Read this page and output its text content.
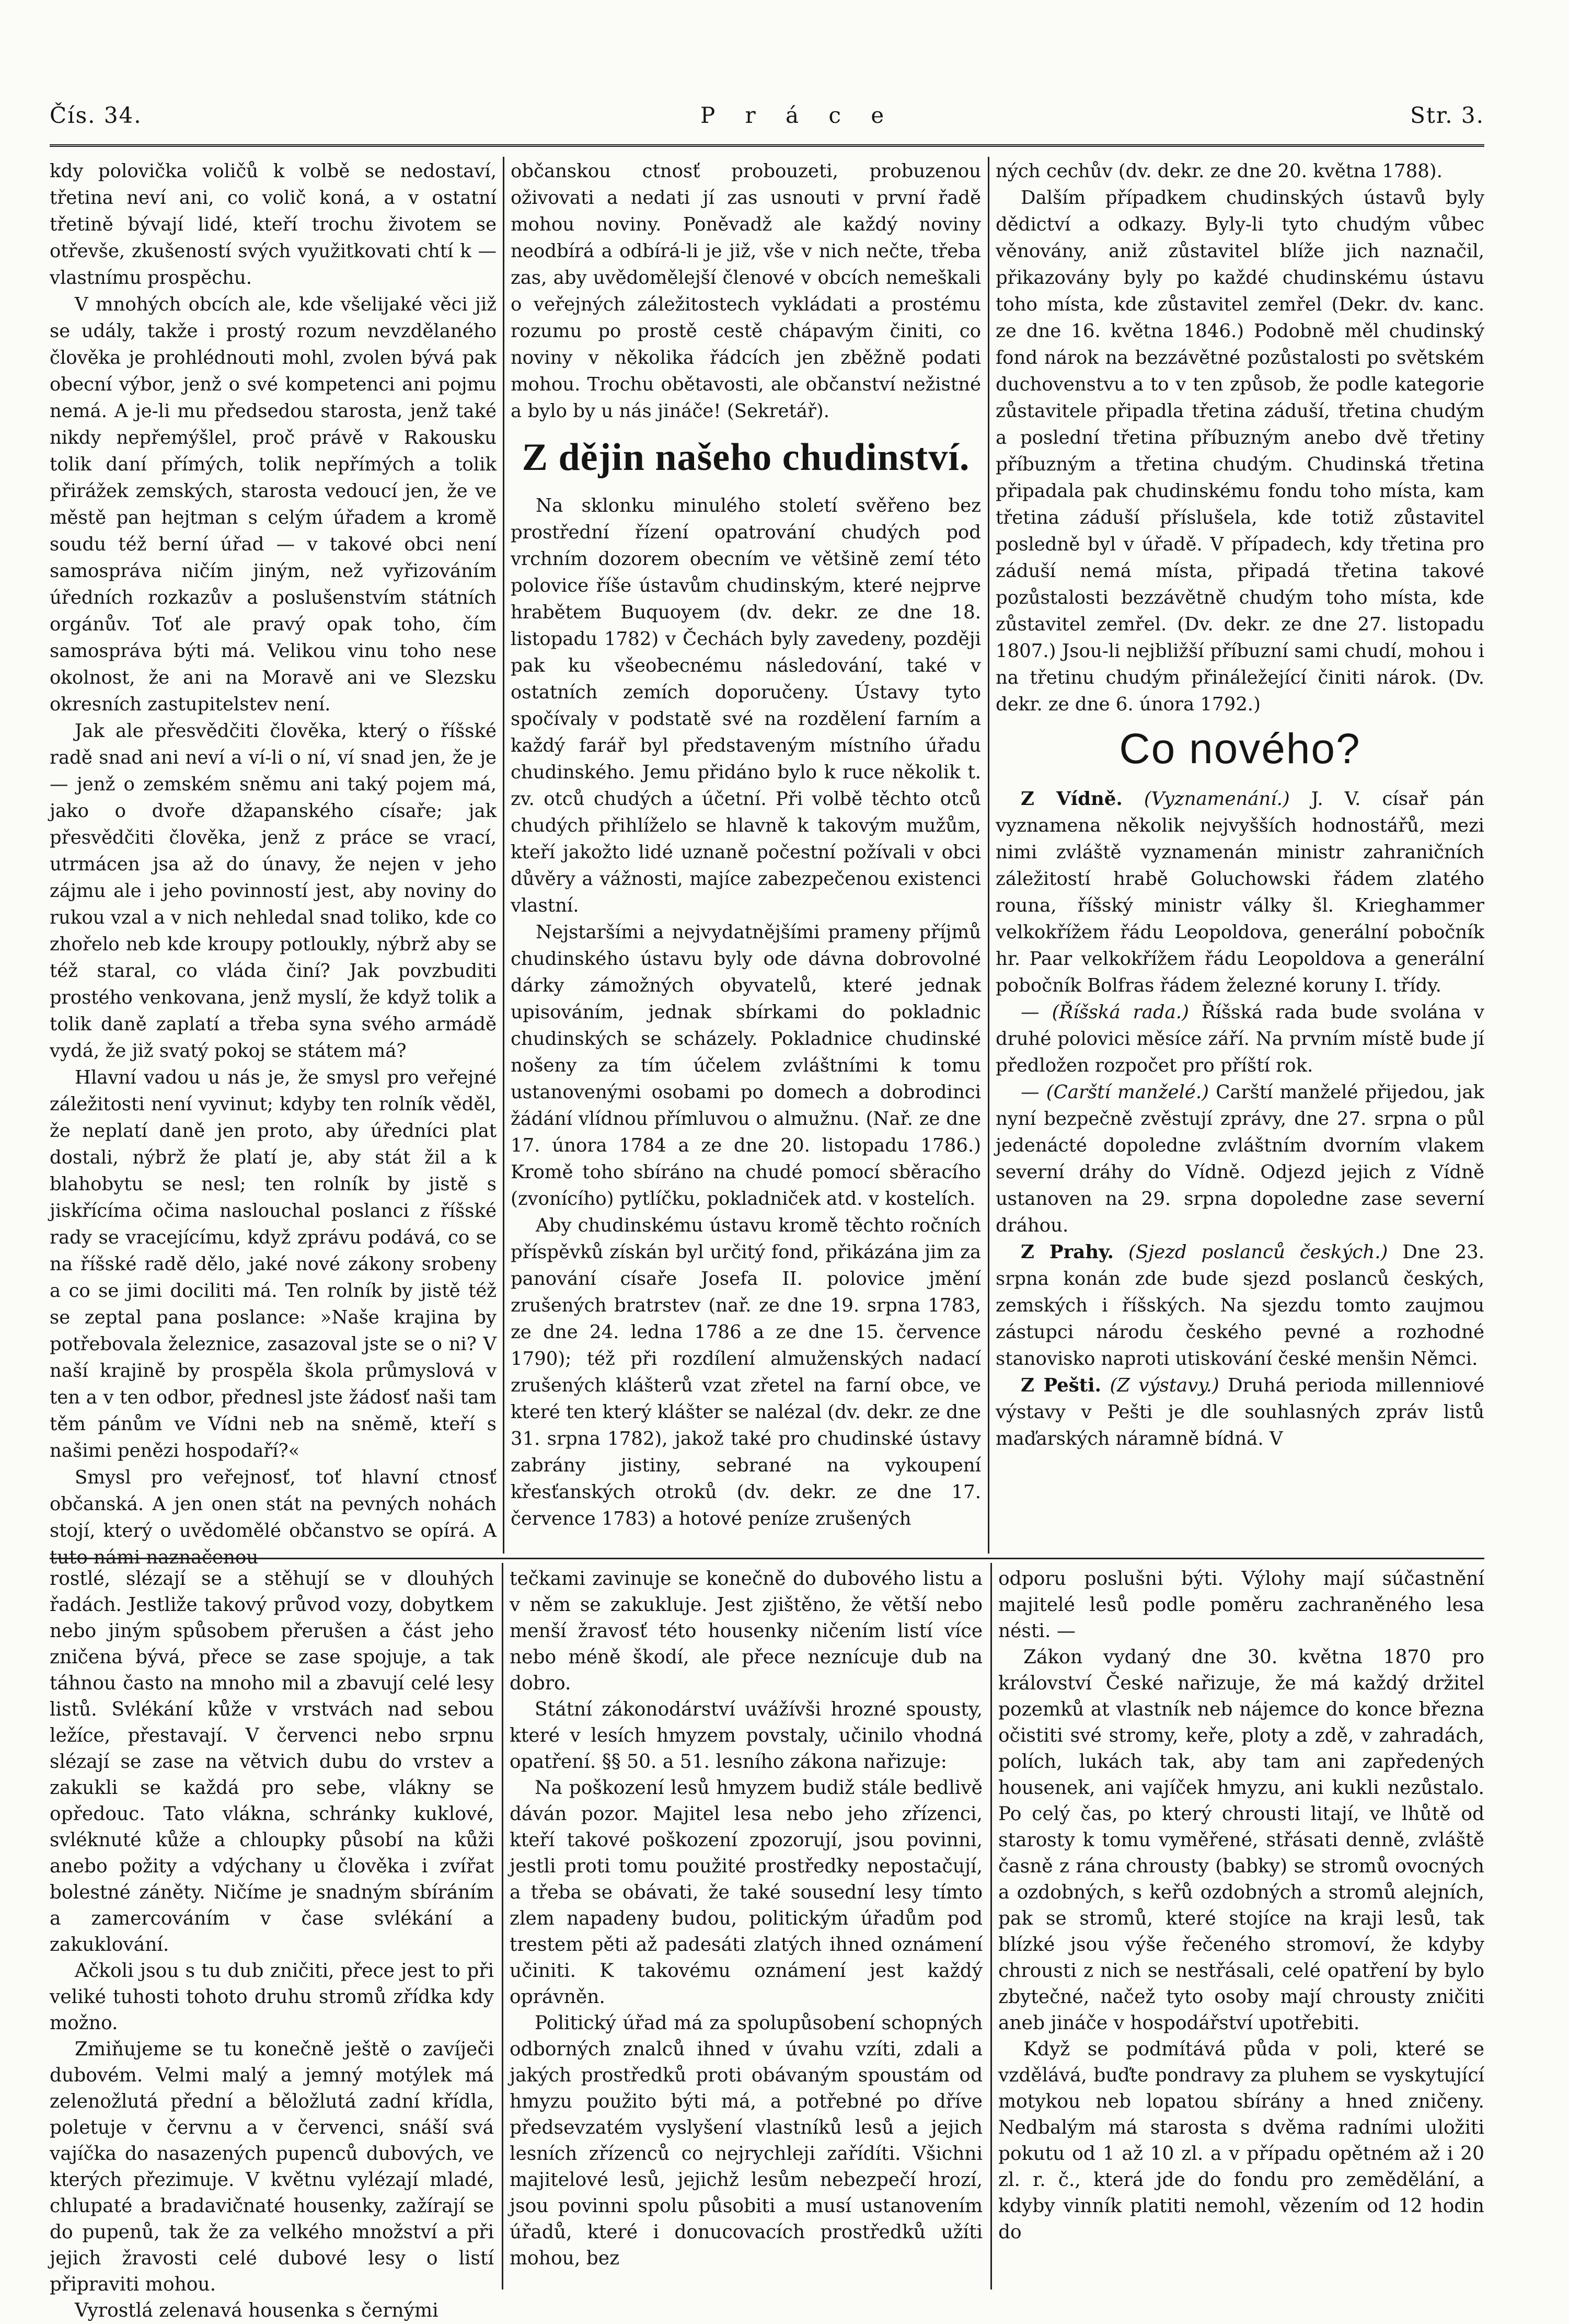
Čís. 34.	P r á c e	Str. 3.

kdy polovička voličů k volbě se nedostaví, třetina neví ani, co volič koná, a v ostatní třetině bývají lidé, kteří trochu životem se otřevše, zkušeností svých využitkovati chtí k — vlastnímu prospěchu.

V mnohých obcích ale, kde všelijaké věci již se udály, takže i prostý rozum nevzdělaného člověka je prohlédnouti mohl, zvolen bývá pak obecní výbor, jenž o své kompetenci ani pojmu nemá. A je-li mu předsedou starosta, jenž také nikdy nepřemýšlel, proč právě v Rakousku tolik daní přímých, tolik nepřímých a tolik přirážek zemských, starosta vedoucí jen, že ve městě pan hejtman s celým úřadem a kromě soudu též berní úřad — v takové obci není samospráva ničím jiným, než vyřizováním úředních rozkazův a poslušenstvím státních orgánův. Toť ale pravý opak toho, čím samospráva býti má. Velikou vinu toho nese okolnost, že ani na Moravě ani ve Slezsku okresních zastupitelstev není.

Jak ale přesvědčiti člověka, který o říšské radě snad ani neví a ví-li o ní, ví snad jen, že je — jenž o zemském sněmu ani taký pojem má, jako o dvoře džapanského císaře; jak přesvědčiti člověka, jenž z práce se vrací, utrmácen jsa až do únavy, že nejen v jeho zájmu ale i jeho povinností jest, aby noviny do rukou vzal a v nich nehledal snad toliko, kde co zhořelo neb kde kroupy potloukly, nýbrž aby se též staral, co vláda činí? Jak povzbuditi prostého venkovana, jenž myslí, že když tolik a tolik daně zaplatí a třeba syna svého armádě vydá, že již svatý pokoj se státem má?

Hlavní vadou u nás je, že smysl pro veřejné záležitosti není vyvinut; kdyby ten rolník věděl, že neplatí daně jen proto, aby úředníci plat dostali, nýbrž že platí je, aby stát žil a k blahobytu se nesl; ten rolník by jistě s jiskřícíma očima naslouchal poslanci z říšské rady se vracejícímu, když zprávu podává, co se na říšské radě dělo, jaké nové zákony srobeny a co se jimi dociliti má. Ten rolník by jistě též se zeptal pana poslance: »Naše krajina by potřebovala železnice, zasazoval jste se o ni? V naší krajině by prospěla škola průmyslová v ten a v ten odbor, přednesl jste žádosť naši tam těm pánům ve Vídni neb na sněmě, kteří s našimi penězi hospodaří?«

Smysl pro veřejnosť, toť hlavní ctnosť občanská. A jen onen stát na pevných nohách stojí, který o uvědomělé občanstvo se opírá. A tuto námi naznačenou

občanskou ctnosť probouzeti, probuzenou oživovati a nedati jí zas usnouti v první řadě mohou noviny. Poněvadž ale každý noviny neodbírá a odbírá-li je již, vše v nich nečte, třeba zas, aby uvědomělejší členové v obcích nemeškali o veřejných záležitostech vykládati a prostému rozumu po prostě cestě chápavým činiti, co noviny v několika řádcích jen zběžně podati mohou. Trochu obětavosti, ale občanství nežistné a bylo by u nás jináče! (Sekretář).

Z dějin našeho chudinství.

Na sklonku minulého století svěřeno bez prostřední řízení opatrování chudých pod vrchním dozorem obecním ve většině zemí této polovice říše ústavům chudinským, které nejprve hrabětem Buquoyem (dv. dekr. ze dne 18. listopadu 1782) v Čechách byly zavedeny, později pak ku všeobecnému následování, také v ostatních zemích doporučeny. Ústavy tyto spočívaly v podstatě své na rozdělení farním a každý farář byl představeným místního úřadu chudinského. Jemu přidáno bylo k ruce několik t. zv. otců chudých a účetní. Při volbě těchto otců chudých přihlíželo se hlavně k takovým mužům, kteří jakožto lidé uznaně počestní požívali v obci důvěry a vážnosti, majíce zabezpečenou existenci vlastní.

Nejstaršími a nejvydatnějšími prameny příjmů chudinského ústavu byly ode dávna dobrovolné dárky zámožných obyvatelů, které jednak upisováním, jednak sbírkami do pokladnic chudinských se scházely. Pokladnice chudinské nošeny za tím účelem zvláštními k tomu ustanovenými osobami po domech a dobrodinci žádání vlídnou přímluvou o almužnu. (Nař. ze dne 17. února 1784 a ze dne 20. listopadu 1786.) Kromě toho sbíráno na chudé pomocí sběracího (zvonícího) pytlíčku, pokladniček atd. v kostelích.

Aby chudinskému ústavu kromě těchto ročních příspěvků získán byl určitý fond, přikázána jim za panování císaře Josefa II. polovice jmění zrušených bratrstev (nař. ze dne 19. srpna 1783, ze dne 24. ledna 1786 a ze dne 15. července 1790); též při rozdílení almuženských nadací zrušených klášterů vzat zřetel na farní obce, ve které ten který klášter se nalézal (dv. dekr. ze dne 31. srpna 1782), jakož také pro chudinské ústavy zabrány jistiny, sebrané na vykoupení křesťanských otroků (dv. dekr. ze dne 17. července 1783) a hotové peníze zrušených

ných cechův (dv. dekr. ze dne 20. května 1788).

Dalším případkem chudinských ústavů byly dědictví a odkazy. Byly-li tyto chudým vůbec věnovány, aniž zůstavitel blíže jich naznačil, přikazovány byly po každé chudinskému ústavu toho místa, kde zůstavitel zemřel (Dekr. dv. kanc. ze dne 16. května 1846.) Podobně měl chudinský fond nárok na bezzávětné pozůstalosti po světském duchovenstvu a to v ten způsob, že podle kategorie zůstavitele připadla třetina záduší, třetina chudým a poslední třetina příbuzným anebo dvě třetiny příbuzným a třetina chudým. Chudinská třetina připadala pak chudinskému fondu toho místa, kam třetina záduší příslušela, kde totiž zůstavitel posledně byl v úřadě. V případech, kdy třetina pro záduší nemá místa, připadá třetina takové pozůstalosti bezzávětně chudým toho místa, kde zůstavitel zemřel. (Dv. dekr. ze dne 27. listopadu 1807.) Jsou-li nejbližší příbuzní sami chudí, mohou i na třetinu chudým přináležející činiti nárok. (Dv. dekr. ze dne 6. února 1792.)

Co nového?

Z Vídně. (Vyznamenání.) J. V. císař pán vyznamena několik nejvyšších hodnostářů, mezi nimi zvláště vyznamenán ministr zahraničních záležitostí hrabě Goluchowski řádem zlatého rouna, říšský ministr války šl. Krieghammer velkokřížem řádu Leopoldova, generální pobočník hr. Paar velkokřížem řádu Leopoldova a generální pobočník Bolfras řádem železné koruny I. třídy.

— (Říšská rada.) Říšská rada bude svolána v druhé polovici měsíce září. Na prvním místě bude jí předložen rozpočet pro příští rok.

— (Carští manželé.) Carští manželé přijedou, jak nyní bezpečně zvěstují zprávy, dne 27. srpna o půl jedenácté dopoledne zvláštním dvorním vlakem severní dráhy do Vídně. Odjezd jejich z Vídně ustanoven na 29. srpna dopoledne zase severní dráhou.

Z Prahy. (Sjezd poslanců českých.) Dne 23. srpna konán zde bude sjezd poslanců českých, zemských i říšských. Na sjezdu tomto zaujmou zástupci národu českého pevné a rozhodné stanovisko naproti utiskování české menšin Němci.

Z Pešti. (Z výstavy.) Druhá perioda millenniové výstavy v Pešti je dle souhlasných zpráv listů maďarských náramně bídná. V

rostlé, slézají se a stěhují se v dlouhých řadách. Jestliže takový průvod vozy, dobytkem nebo jiným spůsobem přerušen a část jeho zničena bývá, přece se zase spojuje, a tak táhnou často na mnoho mil a zbavují celé lesy listů. Svlékání kůže v vrstvách nad sebou ležíce, přestavají. V červenci nebo srpnu slézají se zase na větvich dubu do vrstev a zakukli se každá pro sebe, vlákny se opředouc. Tato vlákna, schránky kuklové, svléknuté kůže a chloupky působí na kůži anebo požity a vdýchany u člověka i zvířat bolestné záněty. Ničíme je snadným sbíráním a zamercováním v čase svlékání a zakuklování.

Ačkoli jsou s tu dub zničiti, přece jest to při veliké tuhosti tohoto druhu stromů zřídka kdy možno.

Zmiňujeme se tu konečně ještě o zavíječi dubovém. Velmi malý a jemný motýlek má zelenožlutá přední a běložlutá zadní křídla, poletuje v červnu a v červenci, snáší svá vajíčka do nasazených pupenců dubových, ve kterých přezimuje. V květnu vylézají mladé, chlupaté a bradavičnaté housenky, zažírají se do pupenů, tak že za velkého množství a při jejich žravosti celé dubové lesy o listí připraviti mohou.

Vyrostlá zelenavá housenka s černými

tečkami zavinuje se konečně do dubového listu a v něm se zakukluje. Jest zjištěno, že větší nebo menší žravosť této housenky ničením listí více nebo méně škodí, ale přece neznícuje dub na dobro.

Státní zákonodárství uvážívši hrozné spousty, které v lesích hmyzem povstaly, učinilo vhodná opatření. §§ 50. a 51. lesního zákona nařizuje:

Na poškození lesů hmyzem budiž stále bedlivě dáván pozor. Majitel lesa nebo jeho zřízenci, kteří takové poškození zpozorují, jsou povinni, jestli proti tomu použité prostředky nepostačují, a třeba se obávati, že také sousední lesy tímto zlem napadeny budou, politickým úřadům pod trestem pěti až padesáti zlatých ihned oznámení učiniti. K takovému oznámení jest každý oprávněn.

Politický úřad má za spolupůsobení schopných odborných znalců ihned v úvahu vzíti, zdali a jakých prostředků proti obávaným spoustám od hmyzu použito býti má, a potřebné po dříve předsevzatém vyslyšení vlastníků lesů a jejich lesních zřízenců co nejrychleji zařídíti. Všichni majitelové lesů, jejichž lesům nebezpečí hrozí, jsou povinni spolu působiti a musí ustanovením úřadů, které i donucovacích prostředků užíti mohou, bez

odporu poslušni býti. Výlohy mají súčastnění majitelé lesů podle poměru zachraněného lesa nésti. —

Zákon vydaný dne 30. května 1870 pro království České nařizuje, že má každý držitel pozemků at vlastník neb nájemce do konce března očistiti své stromy, keře, ploty a zdě, v zahradách, polích, lukách tak, aby tam ani zapředených housenek, ani vajíček hmyzu, ani kukli nezůstalo. Po celý čas, po který chrousti litají, ve lhůtě od starosty k tomu vyměřené, střásati denně, zvláště časně z rána chrousty (babky) se stromů ovocných a ozdobných, s keřů ozdobných a stromů alejních, pak se stromů, které stojíce na kraji lesů, tak blízké jsou výše řečeného stromoví, že kdyby chrousti z nich se nestřásali, celé opatření by bylo zbytečné, načež tyto osoby mají chrousty zničiti aneb jináče v hospodářství upotřebiti.

Když se podmítává půda v poli, které se vzdělává, buďte pondravy za pluhem se vyskytující motykou neb lopatou sbírány a hned zničeny. Nedbalým má starosta s dvěma radními uložiti pokutu od 1 až 10 zl. a v případu opětném až i 20 zl. r. č., která jde do fondu pro zemědělání, a kdyby vinník platiti nemohl, vězením od 12 hodin do
